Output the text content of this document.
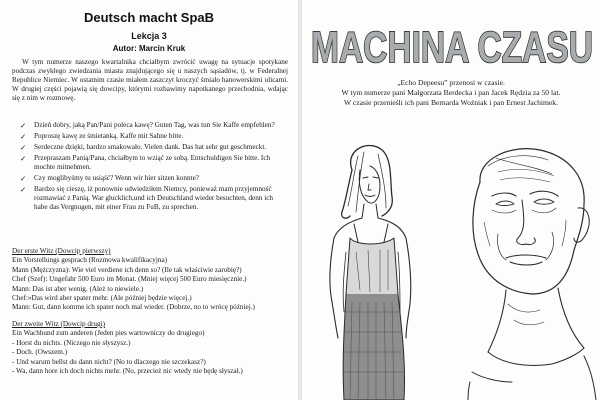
Deutsch macht SpaB
Lekcja 3
Autor: Marcin Kruk

W tym numerze naszego kwartalnika chciałbym zwrócić uwagę na sytuacje spotykane podczas zwykłego zwiedzania miasta znajdującego się u naszych sąsiadów, tj. w Federalnej Republice Niemiec. W ostatnim czasie miałem zaszczyt kroczyć śmiało hanowerskimi ulicami. W drugiej części pojawią się dowcipy, którymi rozbawimy napotkanego przechodnia, wdając się z nim w rozmowę.

✓ Dzień dobry, jaką Pan/Pani poleca kawę? Guten Tag, was tun Sie Kaffe empfehlen?
✓ Poproszę kawę ze śmietanką. Kaffe mit Sahne bitte.
✓ Serdeczne dzięki, bardzo smakowało. Vielen dank. Das hat sehr gut geschmeckt.
✓ Przepraszam Panią/Pana, chciałbym to wziąć ze sobą. Entschuldigen Sie bitte. Ich mochte mitnehmen.
✓ Czy moglibyśmy tu usiąść? Wenn wir hier sitzen konnte?
✓ Bardzo się cieszę, iż ponownie odwiedziłem Niemcy, ponieważ mam przyjemność rozmawiać z Panią. War glucklich,und ich Deutschland wieder besuchten, denn ich habe das Vergnugen, mit einer Frau zu FuB, zu sprechen.
Der erste Witz (Dowcip pierwszy)
Ein Vorstellungs gesprach (Rozmowa kwalifikacyjna)
Mann (Mężczyzna): Wie viel verdiene ich denn so? (Ile tak właściwie zarobię?)
Chef (Szef): Ungefahr 500 Euro im Monat. (Mniej więcej 500 Euro miesięcznie.)
Mann: Das ist aber wenig. (Ależ to niewiele.)
Chef:»Das wird aber spater mehr. (Ale później będzie więcej.)
Mann: Gut, dann komme ich spater noch mal wieder. (Dobrze, no to wrócę później.)
Der zweite Witz (Dowcip drugi)
Ein Wachhund zum anderen (Jeden pies wartowniczy do drugiego)
- Horst du nichts. (Niczego nie słyszysz.)
- Doch. (Owszem.)
- Und warum bellst du dann nicht? (No to dlaczego nie szczekasz?)
- Wa, dann hore ich doch nichts mehr. (No, przecież nic wtedy nie będę słyszał.)
MACHINA CZASU
„Echo Depeesu” przenosi w czasie.
W tym numerze pani Małgorzata Berdecka i pan Jacek Rędzia za 50 lat.
W czasie przenieśli ich pani Bernarda Woźniak i pan Ernest Jachimek.
